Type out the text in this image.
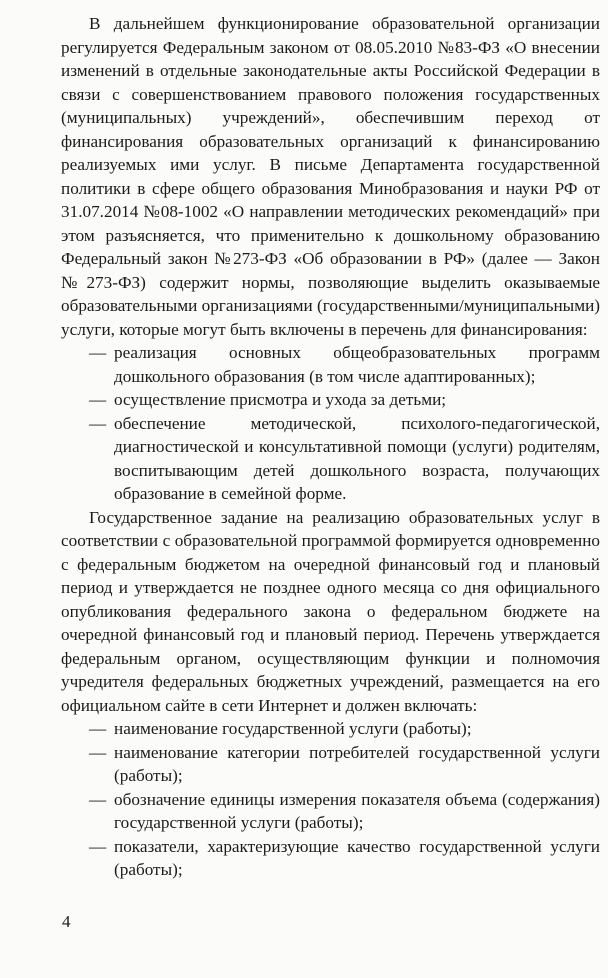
В дальнейшем функционирование образовательной организации регулируется Федеральным законом от 08.05.2010 №83-ФЗ «О внесении изменений в отдельные законодательные акты Российской Федерации в связи с совершенствованием правового положения государственных (муниципальных) учреждений», обеспечившим переход от финансирования образовательных организаций к финансированию реализуемых ими услуг. В письме Департамента государственной политики в сфере общего образования Минобразования и науки РФ от 31.07.2014 №08-1002 «О направлении методических рекомендаций» при этом разъясняется, что применительно к дошкольному образованию Федеральный закон №273-ФЗ «Об образовании в РФ» (далее — Закон №273-ФЗ) содержит нормы, позволяющие выделить оказываемые образовательными организациями (государственными/муниципальными) услуги, которые могут быть включены в перечень для финансирования:

— реализация основных общеобразовательных программ дошкольного образования (в том числе адаптированных);
— осуществление присмотра и ухода за детьми;
— обеспечение методической, психолого-педагогической, диагностической и консультативной помощи (услуги) родителям, воспитывающим детей дошкольного возраста, получающих образование в семейной форме.

Государственное задание на реализацию образовательных услуг в соответствии с образовательной программой формируется одновременно с федеральным бюджетом на очередной финансовый год и плановый период и утверждается не позднее одного месяца со дня официального опубликования федерального закона о федеральном бюджете на очередной финансовый год и плановый период. Перечень утверждается федеральным органом, осуществляющим функции и полномочия учредителя федеральных бюджетных учреждений, размещается на его официальном сайте в сети Интернет и должен включать:

— наименование государственной услуги (работы);
— наименование категории потребителей государственной услуги (работы);
— обозначение единицы измерения показателя объема (содержания) государственной услуги (работы);
— показатели, характеризующие качество государственной услуги (работы);
4
